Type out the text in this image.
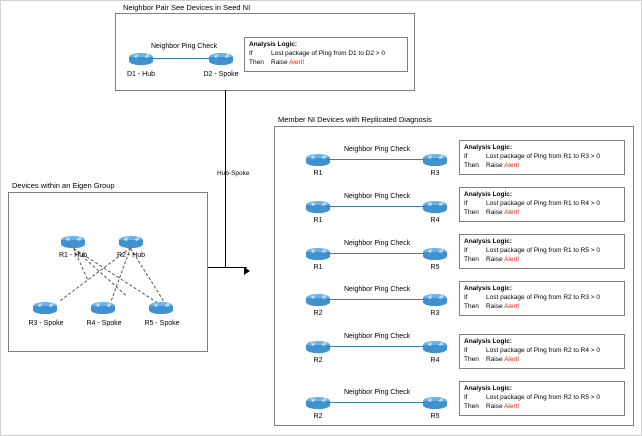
Neighbor Pair See Devices in Seed NI
Neighbor Ping Check
D1 - Hub	D2 - Spoke
Analysis Logic:
If	Lost package of Ping from D1 to D2 > 0
Then	Raise Alert!
Devices within an Eigen Group
R1 - Hub	R2 - Hub
R3 - Spoke	R4 - Spoke	R5 - Spoke
Hub-Spoke
Member NI Devices with Replicated Diagnosis
Neighbor Ping Check
R1	R3
Analysis Logic:
If	Lost package of Ping from R1 to R3 > 0
Then	Raise Alert!
Neighbor Ping Check
R1	R4
Analysis Logic:
If	Lost package of Ping from R1 to R4 > 0
Then	Raise Alert!
Neighbor Ping Check
R1	R5
Analysis Logic:
If	Lost package of Ping from R1 to R5 > 0
Then	Raise Alert!
Neighbor Ping Check
R2	R3
Analysis Logic:
If	Lost package of Ping from R2 to R3 > 0
Then	Raise Alert!
Neighbor Ping Check
R2	R4
Analysis Logic:
If	Lost package of Ping from R2 to R4 > 0
Then	Raise Alert!
Neighbor Ping Check
R2	R5
Analysis Logic:
If	Lost package of Ping from R2 to R5 > 0
Then	Raise Alert!
